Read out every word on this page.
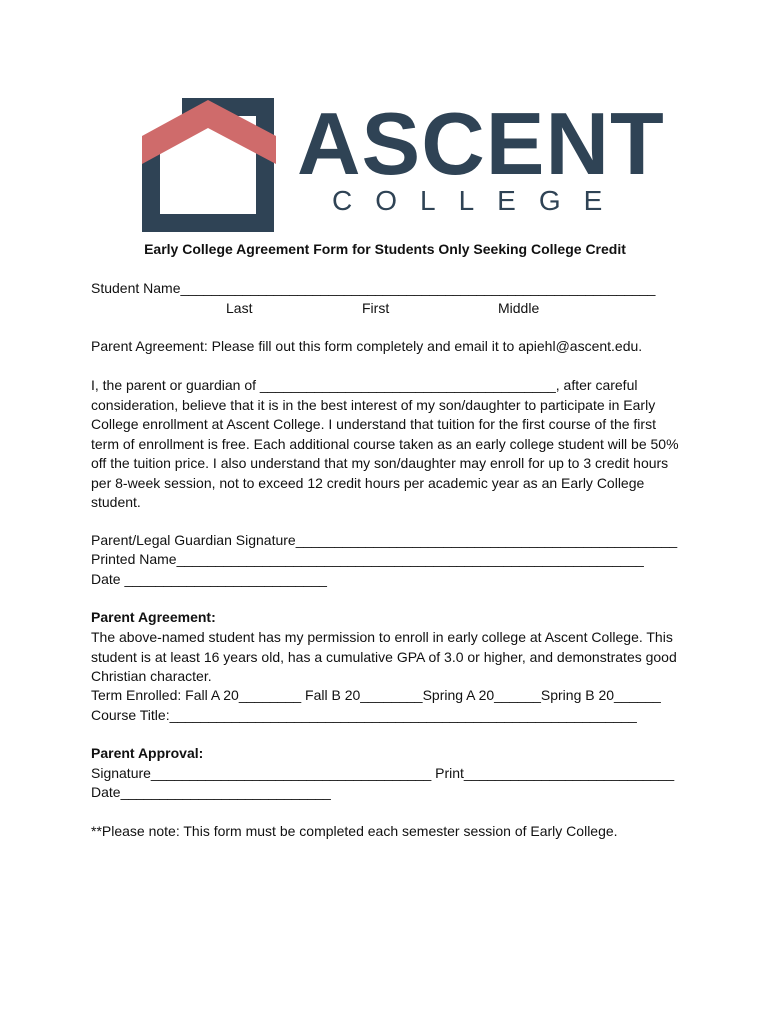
ASCENT
COLLEGE
Early College Agreement Form for Students Only Seeking College Credit
Student Name_____________________________________________________________
Last	First	Middle
Parent Agreement: Please fill out this form completely and email it to apiehl@ascent.edu.
I, the parent or guardian of ______________________________________, after careful
consideration, believe that it is in the best interest of my son/daughter to participate in Early
College enrollment at Ascent College. I understand that tuition for the first course of the first
term of enrollment is free. Each additional course taken as an early college student will be 50%
off the tuition price. I also understand that my son/daughter may enroll for up to 3 credit hours
per 8-week session, not to exceed 12 credit hours per academic year as an Early College
student.
Parent/Legal Guardian Signature_________________________________________________
Printed Name____________________________________________________________
Date __________________________
Parent Agreement:
The above-named student has my permission to enroll in early college at Ascent College. This
student is at least 16 years old, has a cumulative GPA of 3.0 or higher, and demonstrates good
Christian character.
Term Enrolled: Fall A 20________ Fall B 20________Spring A 20______Spring B 20______
Course Title:____________________________________________________________
Parent Approval:
Signature____________________________________ Print___________________________
Date___________________________
**Please note: This form must be completed each semester session of Early College.
